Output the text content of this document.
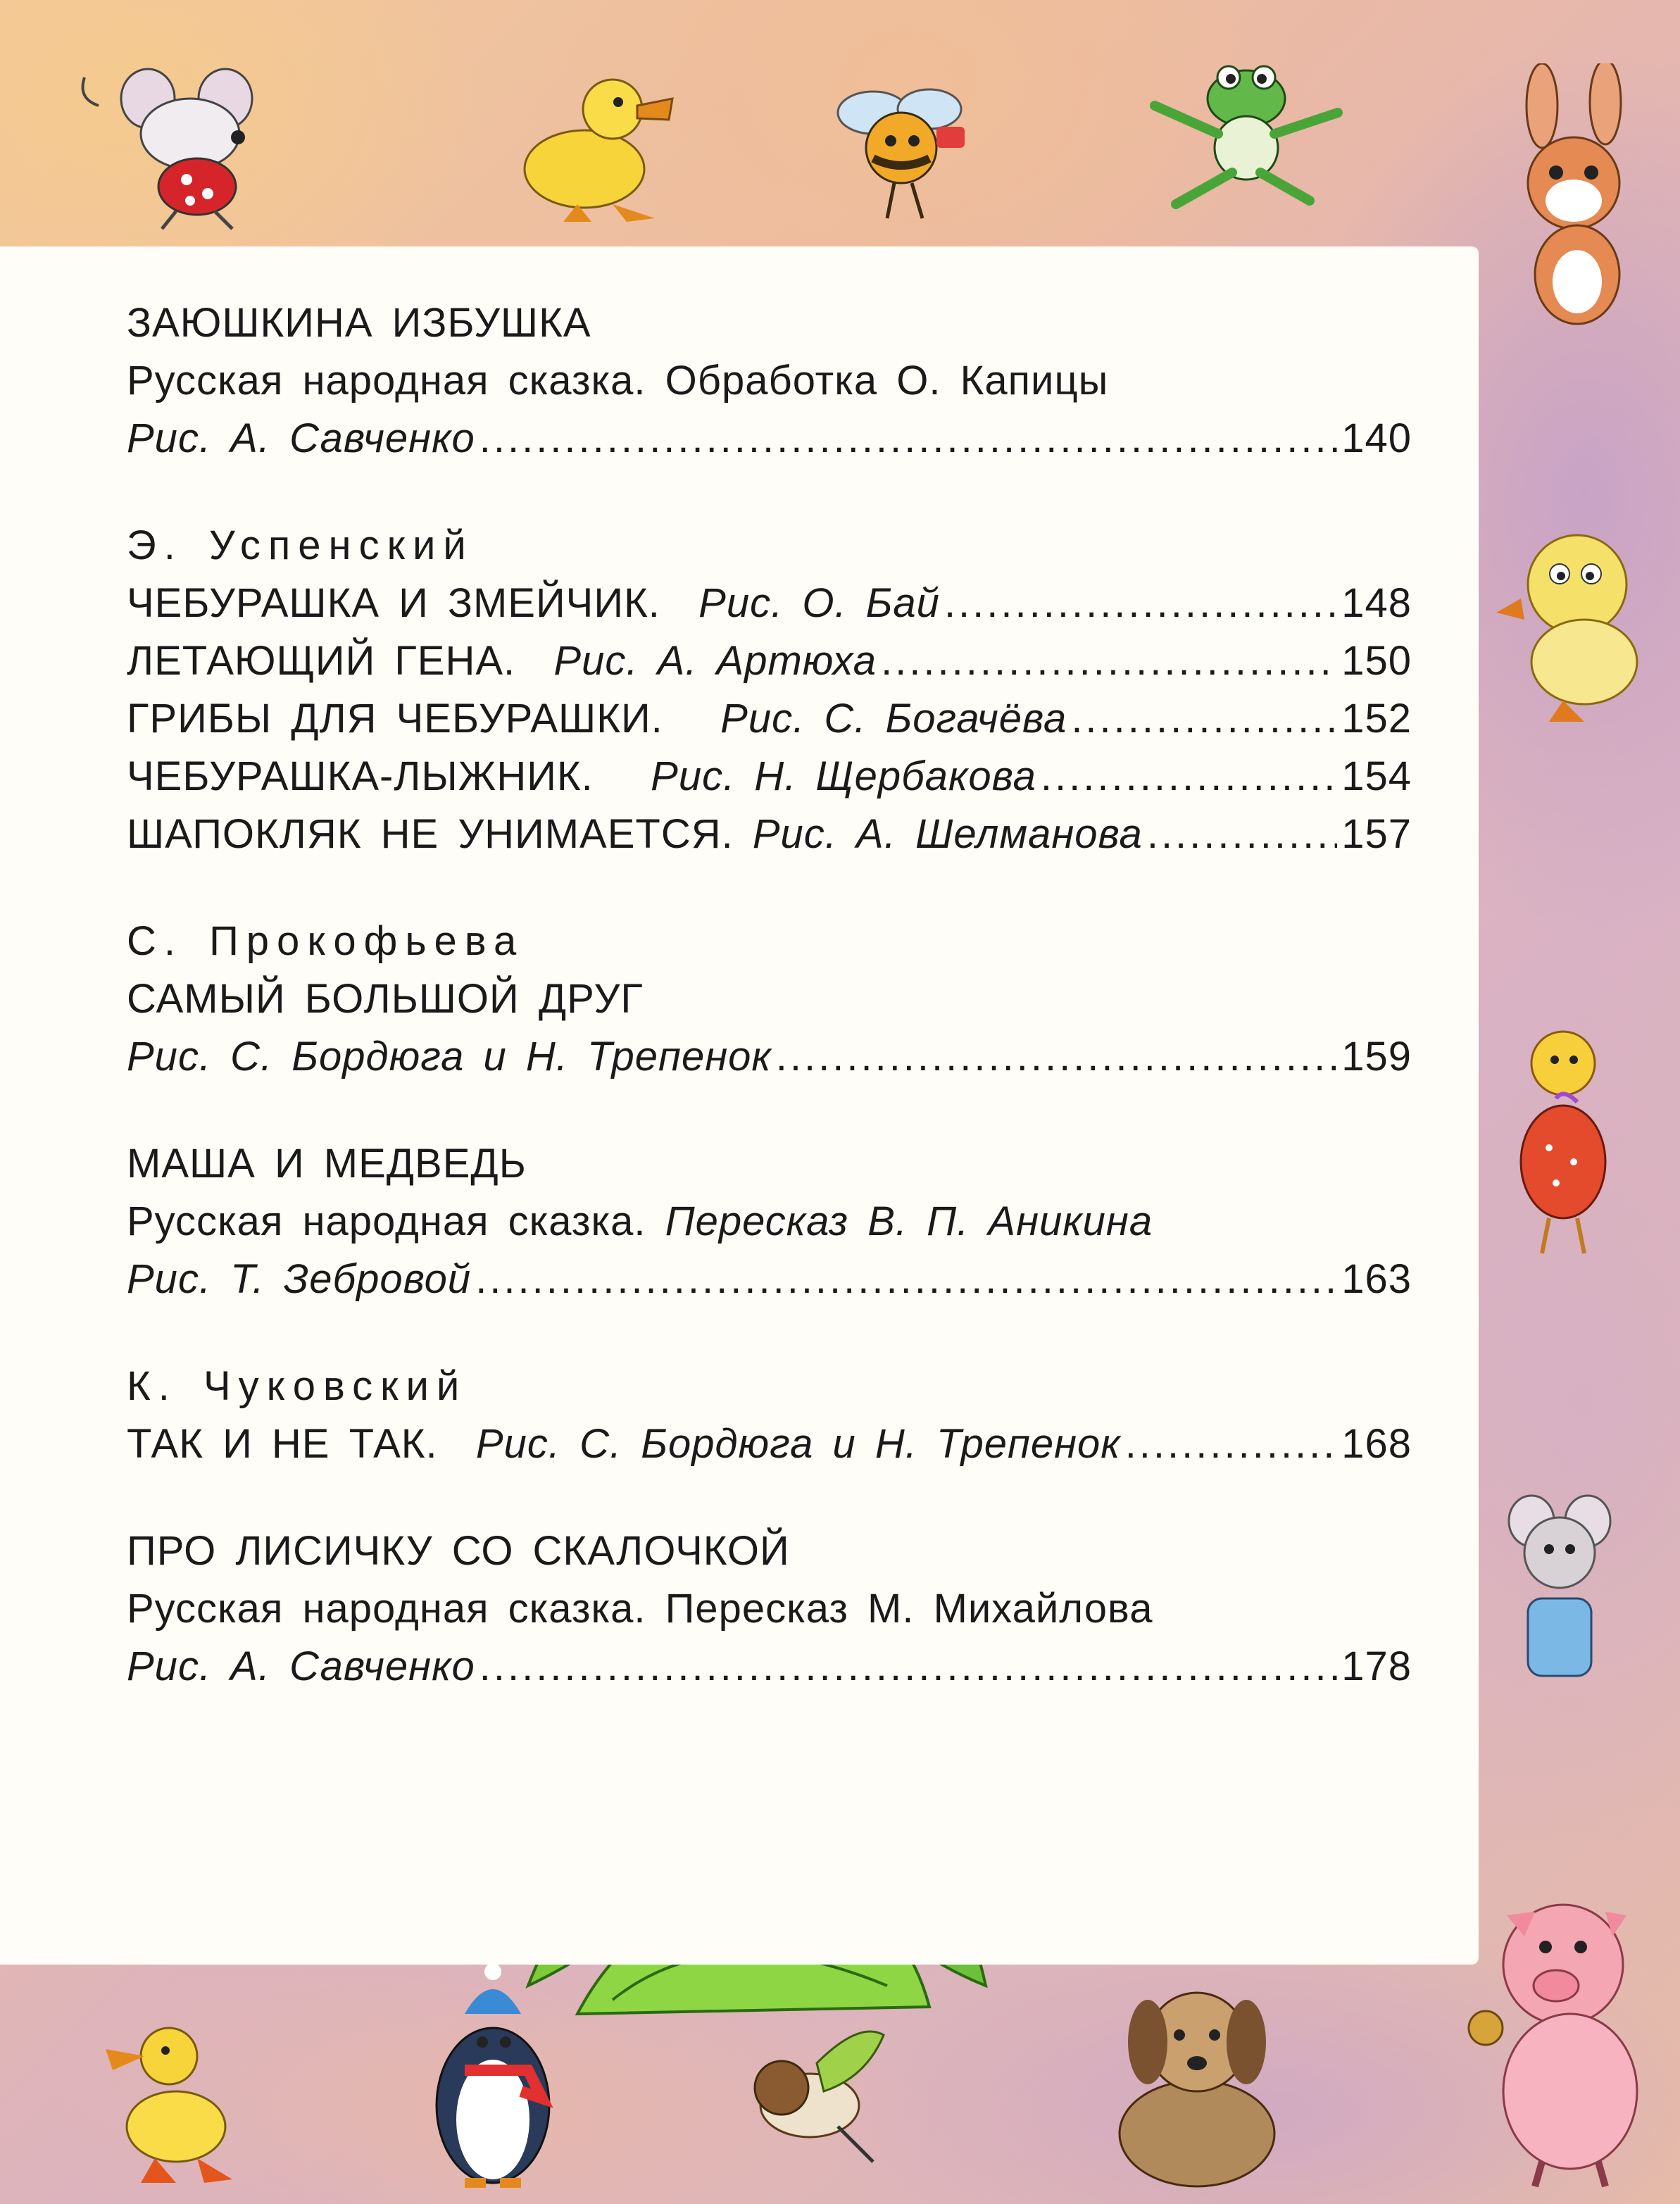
ЗАЮШКИНА ИЗБУШКА
Русская народная сказка. Обработка О. Капицы
Рис. А. Савченко .....	140
Э. Успенский
ЧЕБУРАШКА И ЗМЕЙЧИК.
Рис. О. Бай .....	148
ЛЕТАЮЩИЙ ГЕНА.
Рис. А. Артюха .....	150
ГРИБЫ ДЛЯ ЧЕБУРАШКИ.
Рис. С. Богачёва .....	152
ЧЕБУРАШКА-ЛЫЖНИК.
Рис. Н. Щербакова .....	154
ШАПОКЛЯК НЕ УНИМАЕТСЯ.
Рис. А. Шелманова .....	157
С. Прокофьева
САМЫЙ БОЛЬШОЙ ДРУГ
Рис. С. Бордюга и Н. Трепенок .....	159
МАША И МЕДВЕДЬ
Русская народная сказка.
Пересказ В. П. Аникина
Рис. Т. Зебровой .....	163
К. Чуковский
ТАК И НЕ ТАК.
Рис. С. Бордюга и Н. Трепенок .....	168
ПРО ЛИСИЧКУ СО СКАЛОЧКОЙ
Русская народная сказка. Пересказ М. Михайлова
Рис. А. Савченко .....	178
